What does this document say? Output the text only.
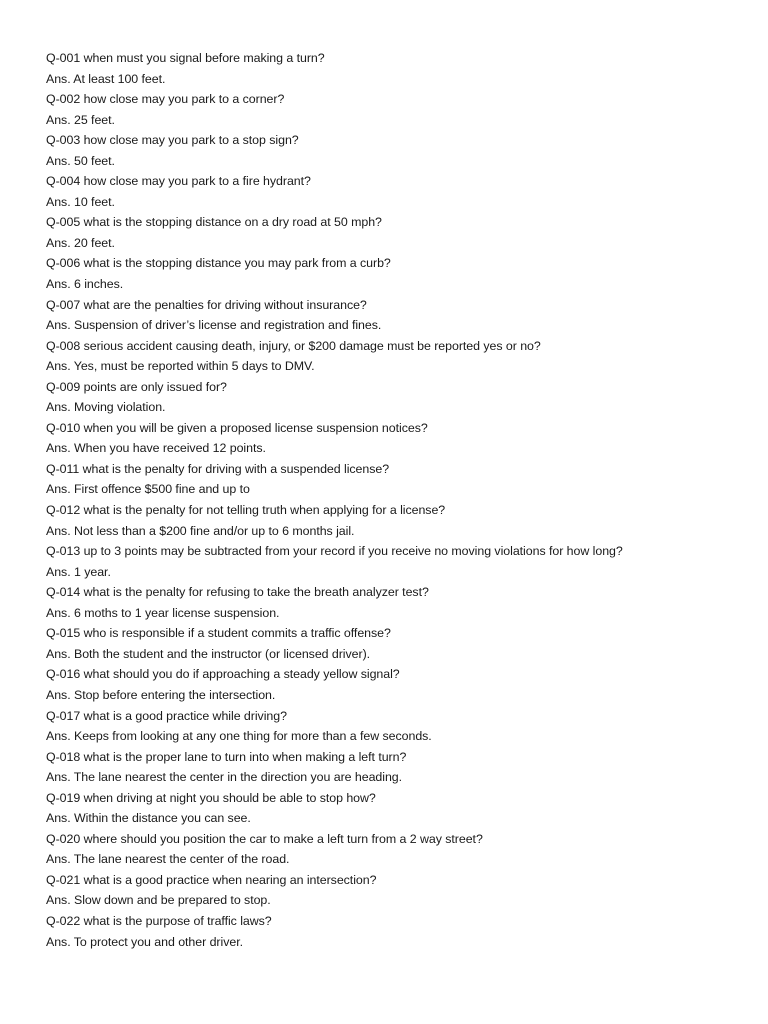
Q-001 when must you signal before making a turn?
Ans. At least 100 feet.
Q-002 how close may you park to a corner?
Ans. 25 feet.
Q-003 how close may you park to a stop sign?
Ans. 50 feet.
Q-004 how close may you park to a fire hydrant?
Ans. 10 feet.
Q-005 what is the stopping distance on a dry road at 50 mph?
Ans. 20 feet.
Q-006 what is the stopping distance you may park from a curb?
Ans. 6 inches.
Q-007 what are the penalties for driving without insurance?
Ans. Suspension of driver’s license and registration and fines.
Q-008 serious accident causing death, injury, or $200 damage must be reported yes or no?
Ans. Yes, must be reported within 5 days to DMV.
Q-009 points are only issued for?
Ans. Moving violation.
Q-010 when you will be given a proposed license suspension notices?
Ans. When you have received 12 points.
Q-011 what is the penalty for driving with a suspended license?
Ans. First offence $500 fine and up to
Q-012 what is the penalty for not telling truth when applying for a license?
Ans. Not less than a $200 fine and/or up to 6 months jail.
Q-013 up to 3 points may be subtracted from your record if you receive no moving violations for how long?
Ans. 1 year.
Q-014 what is the penalty for refusing to take the breath analyzer test?
Ans. 6 moths to 1 year license suspension.
Q-015 who is responsible if a student commits a traffic offense?
Ans. Both the student and the instructor (or licensed driver).
Q-016 what should you do if approaching a steady yellow signal?
Ans. Stop before entering the intersection.
Q-017 what is a good practice while driving?
Ans. Keeps from looking at any one thing for more than a few seconds.
Q-018 what is the proper lane to turn into when making a left turn?
Ans. The lane nearest the center in the direction you are heading.
Q-019 when driving at night you should be able to stop how?
Ans. Within the distance you can see.
Q-020 where should you position the car to make a left turn from a 2 way street?
Ans. The lane nearest the center of the road.
Q-021 what is a good practice when nearing an intersection?
Ans. Slow down and be prepared to stop.
Q-022 what is the purpose of traffic laws?
Ans. To protect you and other driver.
